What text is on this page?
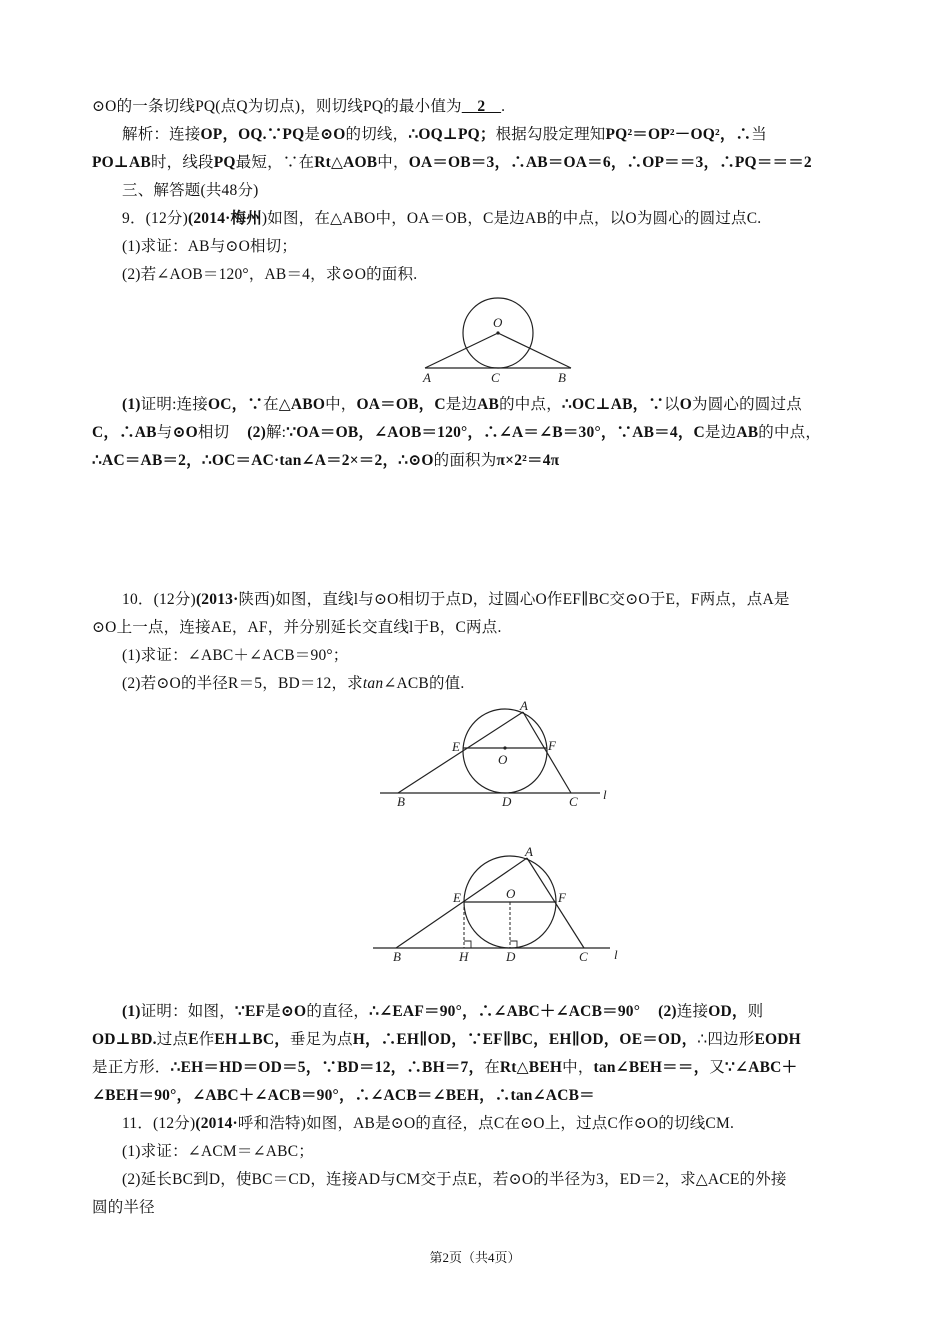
⊙O的一条切线PQ(点Q为切点)，则切线PQ的最小值为　2　.
解析：连接OP，OQ.∵PQ是⊙O的切线，∴OQ⊥PQ；根据勾股定理知PQ²＝OP²－OQ²，∴当
PO⊥AB时，线段PQ最短，∵在Rt△AOB中，OA＝OB＝3，∴AB＝OA＝6，∴OP＝＝3，∴PQ＝＝＝2
三、解答题(共48分)
9．(12分)(2014·梅州)如图，在△ABO中，OA＝OB，C是边AB的中点，以O为圆心的圆过点C.
(1)求证：AB与⊙O相切；
(2)若∠AOB＝120°，AB＝4，求⊙O的面积.
O
A	C	B
(1)证明:连接OC，∵在△ABO中，OA＝OB，C是边AB的中点，∴OC⊥AB，∵以O为圆心的圆过点
C，∴AB与⊙O相切 (2)解:∵OA＝OB，∠AOB＝120°，∴∠A＝∠B＝30°，∵AB＝4，C是边AB的中点，
∴AC＝AB＝2，∴OC＝AC·tan∠A＝2×＝2，∴⊙O的面积为π×2²＝4π
10．(12分)(2013·陕西)如图，直线l与⊙O相切于点D，过圆心O作EF∥BC交⊙O于E，F两点，点A是
⊙O上一点，连接AE，AF，并分别延长交直线l于B，C两点.
(1)求证：∠ABC＋∠ACB＝90°；
(2)若⊙O的半径R＝5，BD＝12，求tan∠ACB的值.
A
E	F
O
B	D	C l
A
E	O	F
B	H	D	C l
(1)证明：如图，∵EF是⊙O的直径，∴∠EAF＝90°，∴∠ABC＋∠ACB＝90° (2)连接OD，则
OD⊥BD.过点E作EH⊥BC，垂足为点H，∴EH∥OD，∵EF∥BC，EH∥OD，OE＝OD，∴四边形EODH
是正方形．∴EH＝HD＝OD＝5，∵BD＝12，∴BH＝7，在Rt△BEH中，tan∠BEH＝＝，又∵∠ABC＋
∠BEH＝90°，∠ABC＋∠ACB＝90°，∴∠ACB＝∠BEH，∴tan∠ACB＝
11．(12分)(2014·呼和浩特)如图，AB是⊙O的直径，点C在⊙O上，过点C作⊙O的切线CM.
(1)求证：∠ACM＝∠ABC；
(2)延长BC到D，使BC＝CD，连接AD与CM交于点E，若⊙O的半径为3，ED＝2，求△ACE的外接
圆的半径
第2页（共4页）
